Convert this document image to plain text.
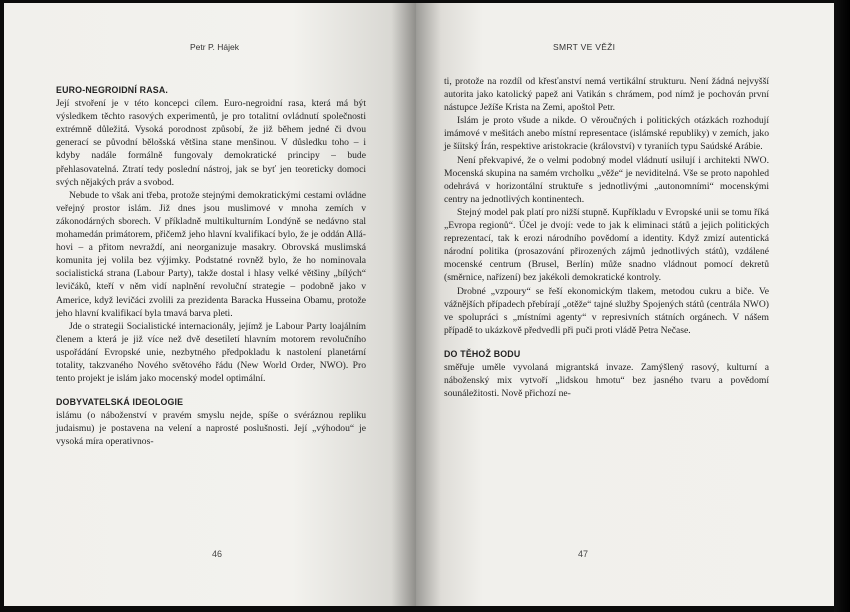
Petr P. Hájek
EURO-NEGROIDNÍ RASA.

Její stvoření je v této koncepci cílem. Euro-negroidní rasa, která má být výsledkem těchto rasových experimentů, je pro totalitní ovládnutí společnosti extrémně důležitá. Vysoká porodnost způsobí, že již během jedné či dvou generací se původní bělošská většina stane menšinou. V důsledku toho – i kdyby nadále formálně fungovaly demokratické principy – bude přehlasovatelná. Ztratí tedy poslední nástroj, jak se byť jen teoreticky domoci svých nějakých práv a svobod.

Nebude to však ani třeba, protože stejnými demokratickými cestami ovládne veřejný prostor islám. Již dnes jsou muslimové v mnoha zemích v zákonodárných sborech. V příkladně multikulturním Londýně se nedávno stal mohamedán primátorem, přičemž jeho hlavní kvalifikací bylo, že je oddán Alláhovi – a přitom nevraždí, ani neorganizuje masakry. Obrovská muslimská komunita jej volila bez výjimky. Podstatné rovněž bylo, že ho nominovala socialistická strana (Labour Party), takže dostal i hlasy velké většiny „bílých“ levičáků, kteří v něm vidí naplnění revoluční strategie – podobně jako v Americe, když levičáci zvolili za prezidenta Baracka Husseina Obamu, protože jeho hlavní kvalifikací byla tmavá barva pleti.

Jde o strategii Socialistické internacionály, jejímž je Labour Party loajálním členem a která je již více než dvě desetiletí hlavním motorem revolučního uspořádání Evropské unie, nezbytného předpokladu k nastolení planetární totality, takzvaného Nového světového řádu (New World Order, NWO). Pro tento projekt je islám jako mocenský model optimální.

DOBYVATELSKÁ IDEOLOGIE

islámu (o náboženství v pravém smyslu nejde, spíše o svéráznou repliku judaismu) je postavena na velení a naprosté poslušnosti. Její „výhodou“ je vysoká míra operativnos-

46
SMRT VE VĚŽI

ti, protože na rozdíl od křesťanství nemá vertikální strukturu. Není žádná nejvyšší autorita jako katolický papež ani Vatikán s chrámem, pod nímž je pochován první nástupce Ježíše Krista na Zemi, apoštol Petr.

Islám je proto všude a nikde. O věroučných i politických otázkách rozhodují imámové v mešitách anebo místní representace (islámské republiky) v zemích, jako je šíitský Írán, respektive aristokracie (království) v tyraniích typu Saúdské Arábie.

Není překvapivé, že o velmi podobný model vládnutí usilují i architekti NWO. Mocenská skupina na samém vrcholku „věže“ je neviditelná. Vše se proto napohled odehrává v horizontální struktuře s jednotlivými „autonomními“ mocenskými centry na jednotlivých kontinentech.

Stejný model pak platí pro nižší stupně. Kupříkladu v Evropské unii se tomu říká „Evropa regionů“. Účel je dvojí: vede to jak k eliminaci států a jejich politických reprezentací, tak k erozi národního povědomí a identity. Když zmizí autentická národní politika (prosazování přirozených zájmů jednotlivých států), vzdálené mocenské centrum (Brusel, Berlín) může snadno vládnout pomocí dekretů (směrnice, nařízení) bez jakékoli demokratické kontroly.

Drobné „vzpoury“ se řeší ekonomickým tlakem, metodou cukru a biče. Ve vážnějších případech přebírají „otěže“ tajné služby Spojených států (centrála NWO) ve spolupráci s „místními agenty“ v represivních státních orgánech. V nášem případě to ukázkově předvedli při puči proti vládě Petra Nečase.

DO TĚHOŽ BODU

směřuje uměle vyvolaná migrantská invaze. Zamýšlený rasový, kulturní a náboženský mix vytvoří „lidskou hmotu“ bez jasného tvaru a povědomí sounáležitosti. Nově přichozí ne-

47
